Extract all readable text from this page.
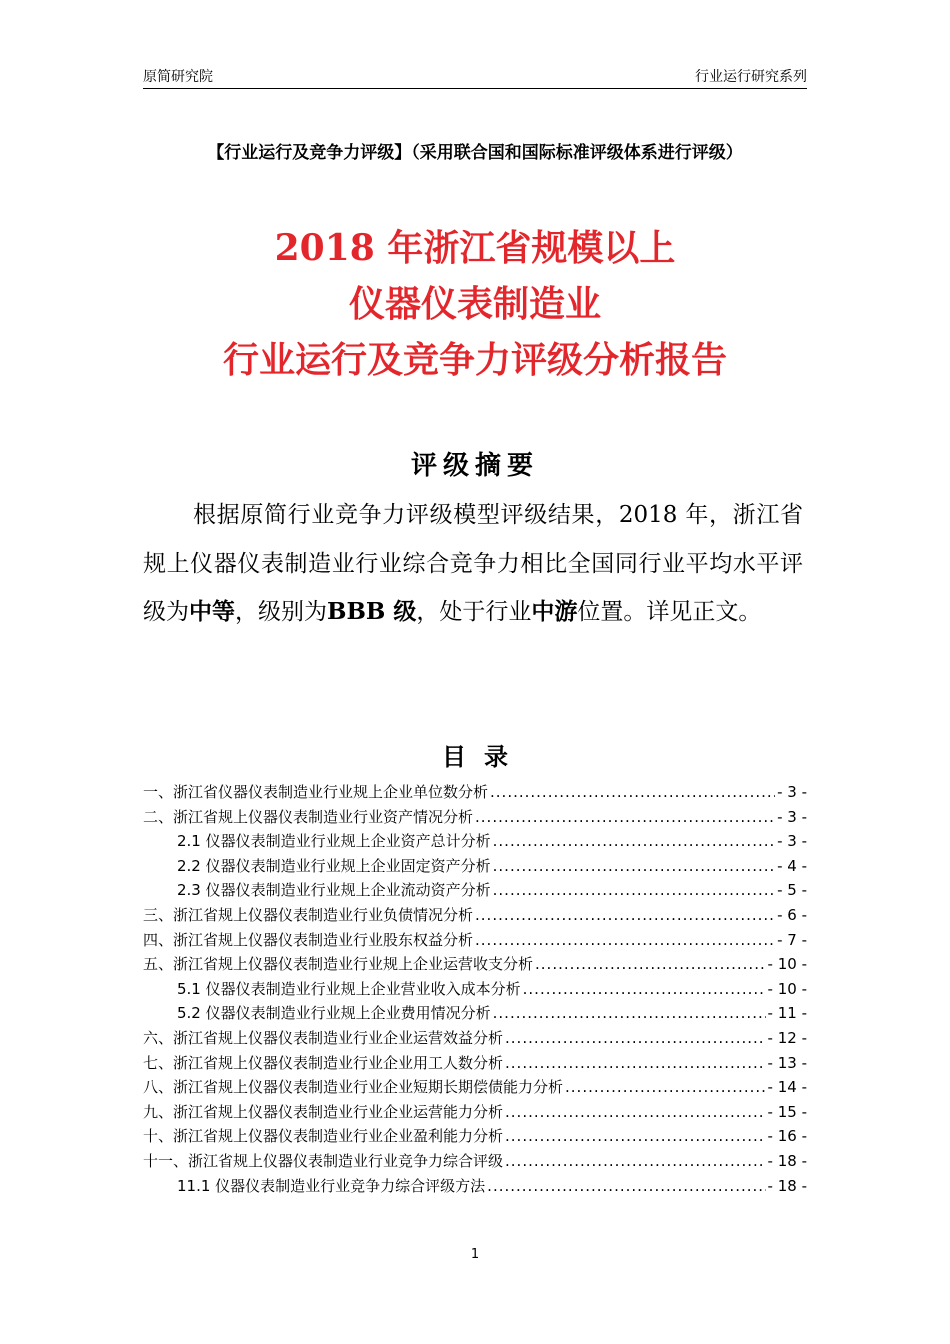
原简研究院	行业运行研究系列
【行业运行及竞争力评级】（采用联合国和国际标准评级体系进行评级）
2018 年浙江省规模以上
仪器仪表制造业
行业运行及竞争力评级分析报告
评级摘要
根据原简行业竞争力评级模型评级结果，2018 年，浙江省规上仪器仪表制造业行业综合竞争力相比全国同行业平均水平评级为中等，级别为BBB 级，处于行业中游位置。详见正文。
目录
一、浙江省仪器仪表制造业行业规上企业单位数分析 .....	- 3 -
二、浙江省规上仪器仪表制造业行业资产情况分析 .....	- 3 -
2.1 仪器仪表制造业行业规上企业资产总计分析 .....	- 3 -
2.2 仪器仪表制造业行业规上企业固定资产分析 .....	- 4 -
2.3 仪器仪表制造业行业规上企业流动资产分析 .....	- 5 -
三、浙江省规上仪器仪表制造业行业负债情况分析 .....	- 6 -
四、浙江省规上仪器仪表制造业行业股东权益分析 .....	- 7 -
五、浙江省规上仪器仪表制造业行业规上企业运营收支分析 .....	- 10 -
5.1 仪器仪表制造业行业规上企业营业收入成本分析 .....	- 10 -
5.2 仪器仪表制造业行业规上企业费用情况分析 .....	- 11 -
六、浙江省规上仪器仪表制造业行业企业运营效益分析 .....	- 12 -
七、浙江省规上仪器仪表制造业行业企业用工人数分析 .....	- 13 -
八、浙江省规上仪器仪表制造业行业企业短期长期偿债能力分析 .....	- 14 -
九、浙江省规上仪器仪表制造业行业企业运营能力分析 .....	- 15 -
十、浙江省规上仪器仪表制造业行业企业盈利能力分析 .....	- 16 -
十一、浙江省规上仪器仪表制造业行业竞争力综合评级 .....	- 18 -
11.1 仪器仪表制造业行业竞争力综合评级方法 .....	- 18 -
1
